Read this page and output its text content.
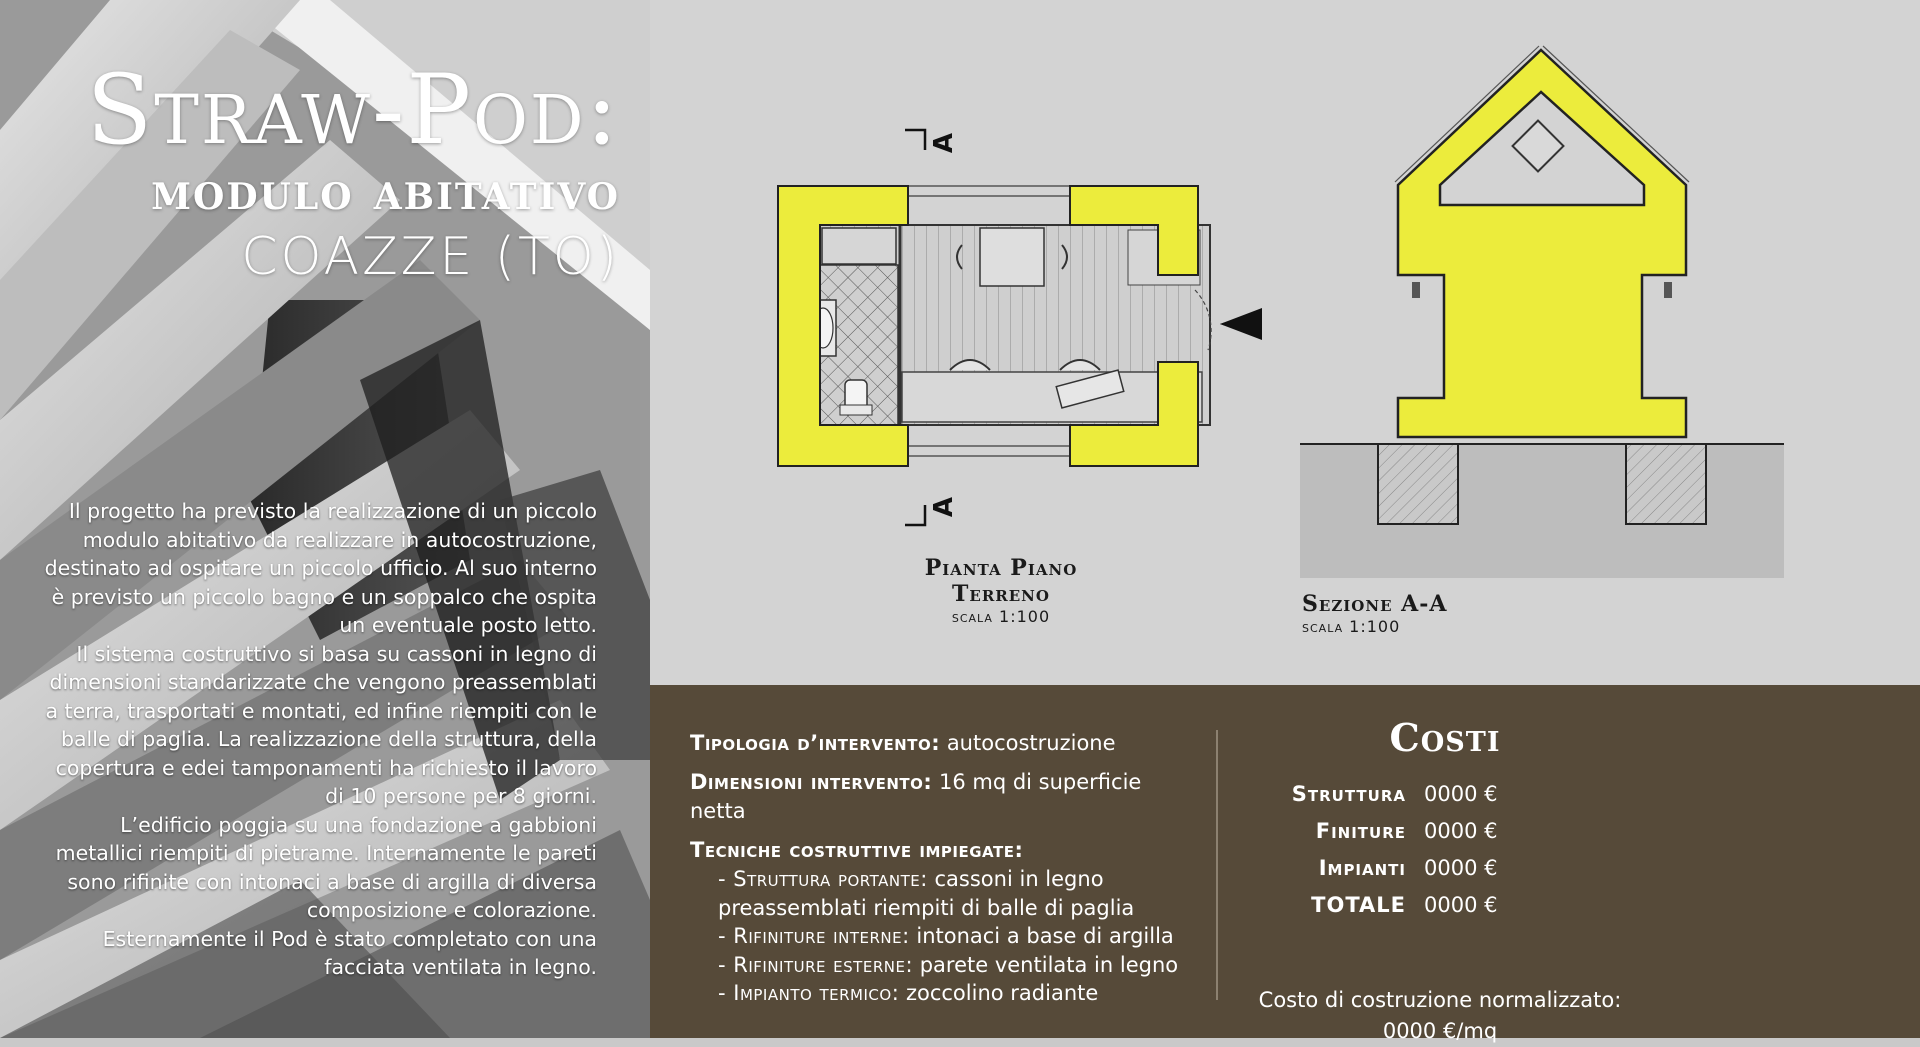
Straw-Pod:
modulo abitativo
COAZZE (TO)

Il progetto ha previsto la realizzazione di un piccolo modulo abitativo da realizzare in autocostruzione, destinato ad ospitare un piccolo ufficio. Al suo interno è previsto un piccolo bagno e un soppalco che ospita un eventuale posto letto.

Il sistema costruttivo si basa su cassoni in legno di dimensioni standarizzate che vengono preassemblati a terra, trasportati e montati, ed infine riempiti con le balle di paglia. La realizzazione della struttura, della copertura e edei tamponamenti ha richiesto il lavoro di 10 persone per 8 giorni.

L’edificio poggia su una fondazione a gabbioni metallici riempiti di pietrame. Internamente le pareti sono rifinite con intonaci a base di argilla di diversa composizione e colorazione.

Esternamente il Pod è stato completato con una facciata ventilata in legno.

A
A
Pianta Piano Terreno
scala 1:100	Sezione A-A
scala 1:100
Tipologia d’intervento: autocostruzione
Dimensioni intervento: 16 mq di superficie netta
Tecniche costruttive impiegate:
- Struttura portante: cassoni in legno preassemblati riempiti di balle di paglia
- Rifiniture interne: intonaci a base di argilla
- Rifiniture esterne: parete ventilata in legno
- Impianto termico: zoccolino radiante
Costi
Struttura 0000 €
Finiture 0000 €
Impianti 0000 €
TOTALE 0000 €
Costo di costruzione normalizzato:
0000 €/mq
